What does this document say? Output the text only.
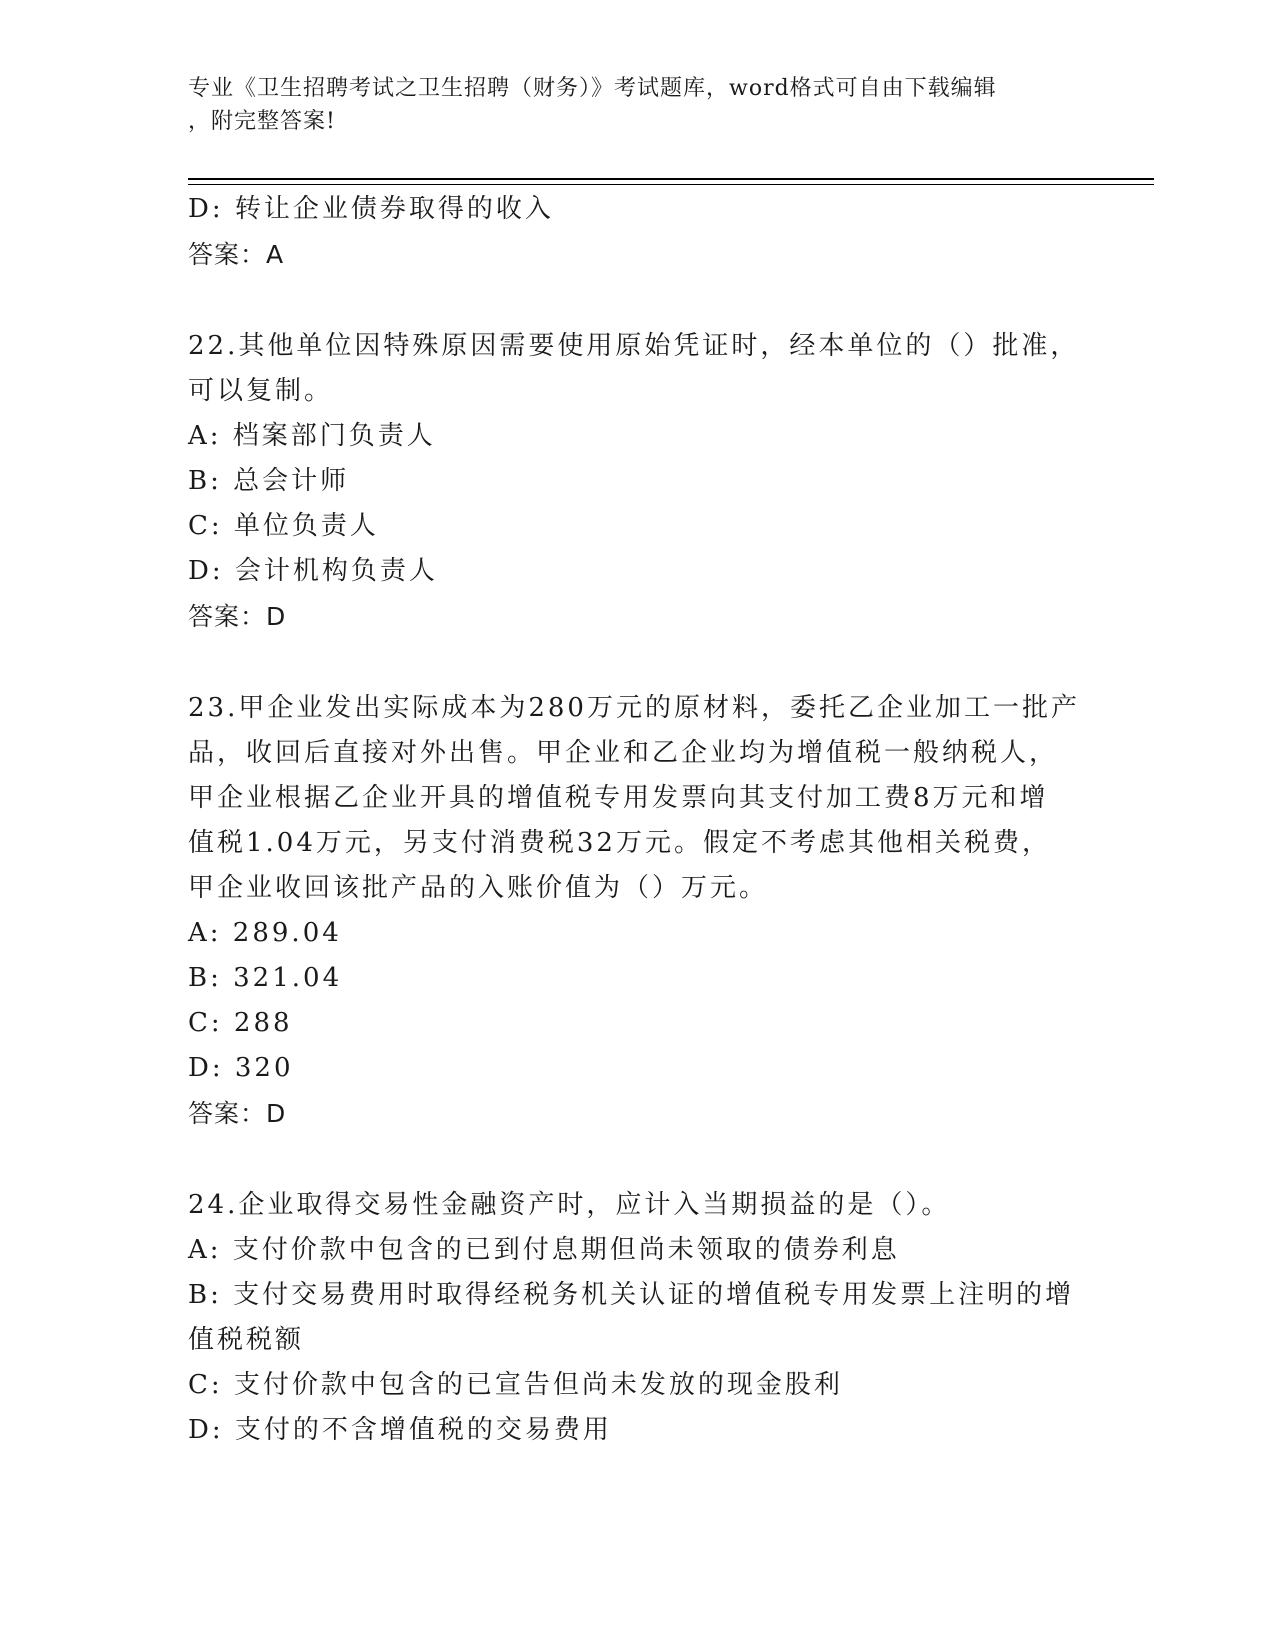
专业《卫生招聘考试之卫生招聘（财务）》考试题库，word格式可自由下载编辑
，附完整答案!
D: 转让企业债券取得的收入
答案：A
22.其他单位因特殊原因需要使用原始凭证时，经本单位的（）批准，
可以复制。
A: 档案部门负责人
B: 总会计师
C: 单位负责人
D: 会计机构负责人
答案：D
23.甲企业发出实际成本为280万元的原材料，委托乙企业加工一批产
品，收回后直接对外出售。甲企业和乙企业均为增值税一般纳税人，
甲企业根据乙企业开具的增值税专用发票向其支付加工费8万元和增
值税1.04万元，另支付消费税32万元。假定不考虑其他相关税费，
甲企业收回该批产品的入账价值为（）万元。
A: 289.04
B: 321.04
C: 288
D: 320
答案：D
24.企业取得交易性金融资产时，应计入当期损益的是（）。
A: 支付价款中包含的已到付息期但尚未领取的债券利息
B: 支付交易费用时取得经税务机关认证的增值税专用发票上注明的增
值税税额
C: 支付价款中包含的已宣告但尚未发放的现金股利
D: 支付的不含增值税的交易费用
